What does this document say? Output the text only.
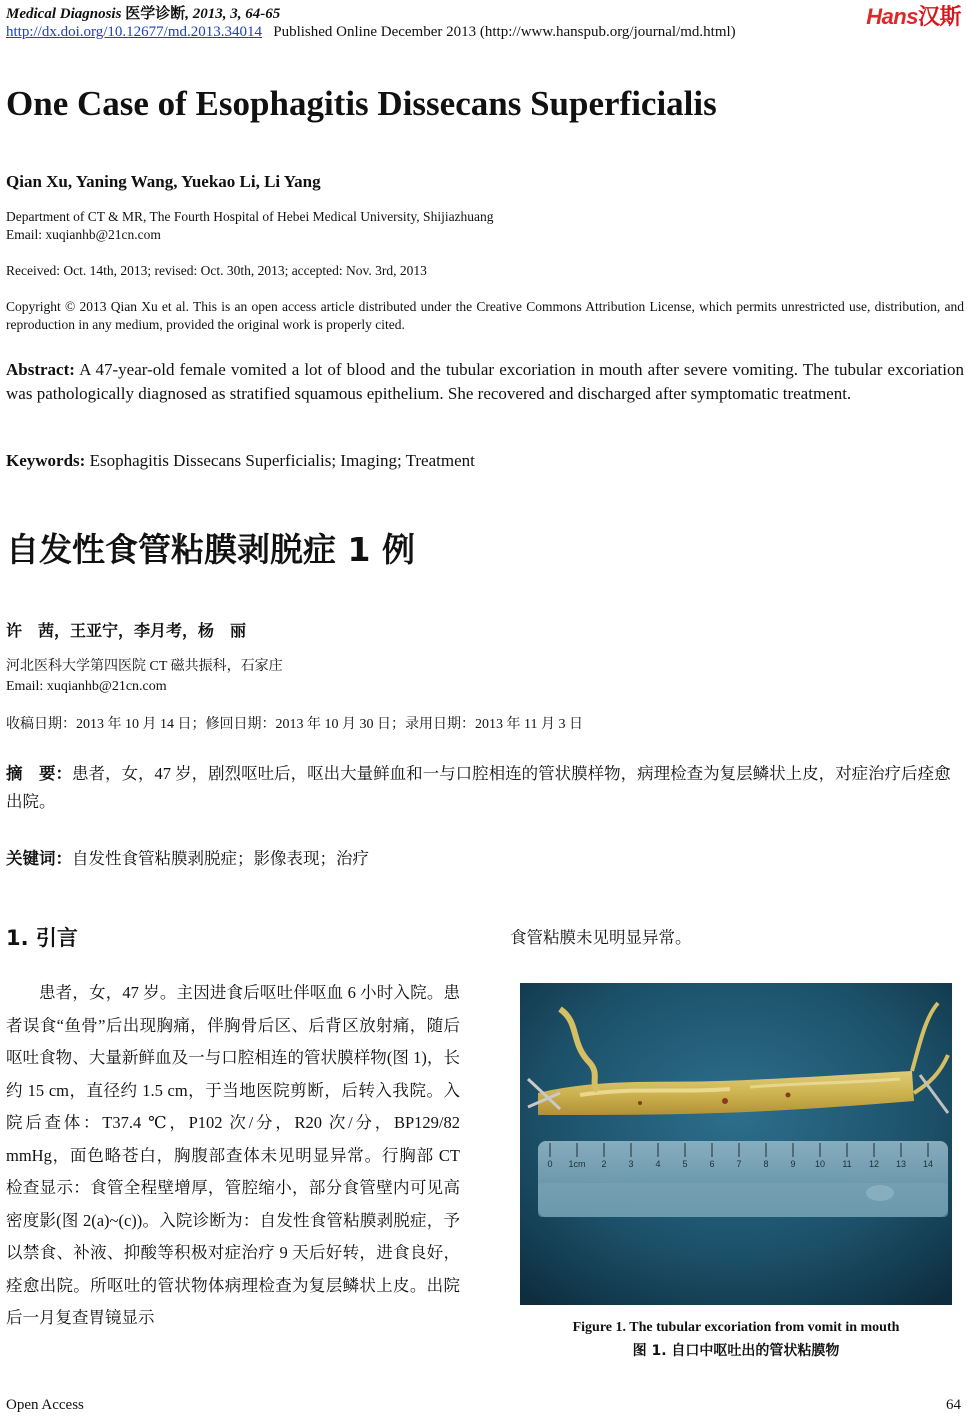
Medical Diagnosis 医学诊断, 2013, 3, 64-65
http://dx.doi.org/10.12677/md.2013.34014 Published Online December 2013 (http://www.hanspub.org/journal/md.html)
Hans汉斯
One Case of Esophagitis Dissecans Superficialis
Qian Xu, Yaning Wang, Yuekao Li, Li Yang
Department of CT & MR, The Fourth Hospital of Hebei Medical University, Shijiazhuang
Email: xuqianhb@21cn.com
Received: Oct. 14th, 2013; revised: Oct. 30th, 2013; accepted: Nov. 3rd, 2013
Copyright © 2013 Qian Xu et al. This is an open access article distributed under the Creative Commons Attribution License, which permits unrestricted use, distribution, and reproduction in any medium, provided the original work is properly cited.
Abstract: A 47-year-old female vomited a lot of blood and the tubular excoriation in mouth after severe vomiting. The tubular excoriation was pathologically diagnosed as stratified squamous epithelium. She recovered and discharged after symptomatic treatment.
Keywords: Esophagitis Dissecans Superficialis; Imaging; Treatment
自发性食管粘膜剥脱症 1 例
许　茜，王亚宁，李月考，杨　丽
河北医科大学第四医院 CT 磁共振科，石家庄
Email: xuqianhb@21cn.com
收稿日期：2013 年 10 月 14 日；修回日期：2013 年 10 月 30 日；录用日期：2013 年 11 月 3 日
摘　要：患者，女，47 岁，剧烈呕吐后，呕出大量鲜血和一与口腔相连的管状膜样物，病理检查为复层鳞状上皮，对症治疗后痊愈出院。
关键词：自发性食管粘膜剥脱症；影像表现；治疗
1. 引言
患者，女，47 岁。主因进食后呕吐伴呕血 6 小时入院。患者误食“鱼骨”后出现胸痛，伴胸骨后区、后背区放射痛，随后呕吐食物、大量新鲜血及一与口腔相连的管状膜样物(图 1)，长约 15 cm，直径约 1.5 cm，于当地医院剪断，后转入我院。入院后查体：T37.4 ℃，P102 次/分，R20 次/分，BP129/82 mmHg，面色略苍白，胸腹部查体未见明显异常。行胸部 CT 检查显示：食管全程壁增厚，管腔缩小，部分食管壁内可见高密度影(图 2(a)~(c))。入院诊断为：自发性食管粘膜剥脱症，予以禁食、补液、抑酸等积极对症治疗 9 天后好转，进食良好，痊愈出院。所呕吐的管状物体病理检查为复层鳞状上皮。出院后一月复查胃镜显示
食管粘膜未见明显异常。
0 1cm 2 3 4 5 6 7 8 9 10 11 12 13 14
Figure 1. The tubular excoriation from vomit in mouth
图 1. 自口中呕吐出的管状粘膜物
Open Access	64
